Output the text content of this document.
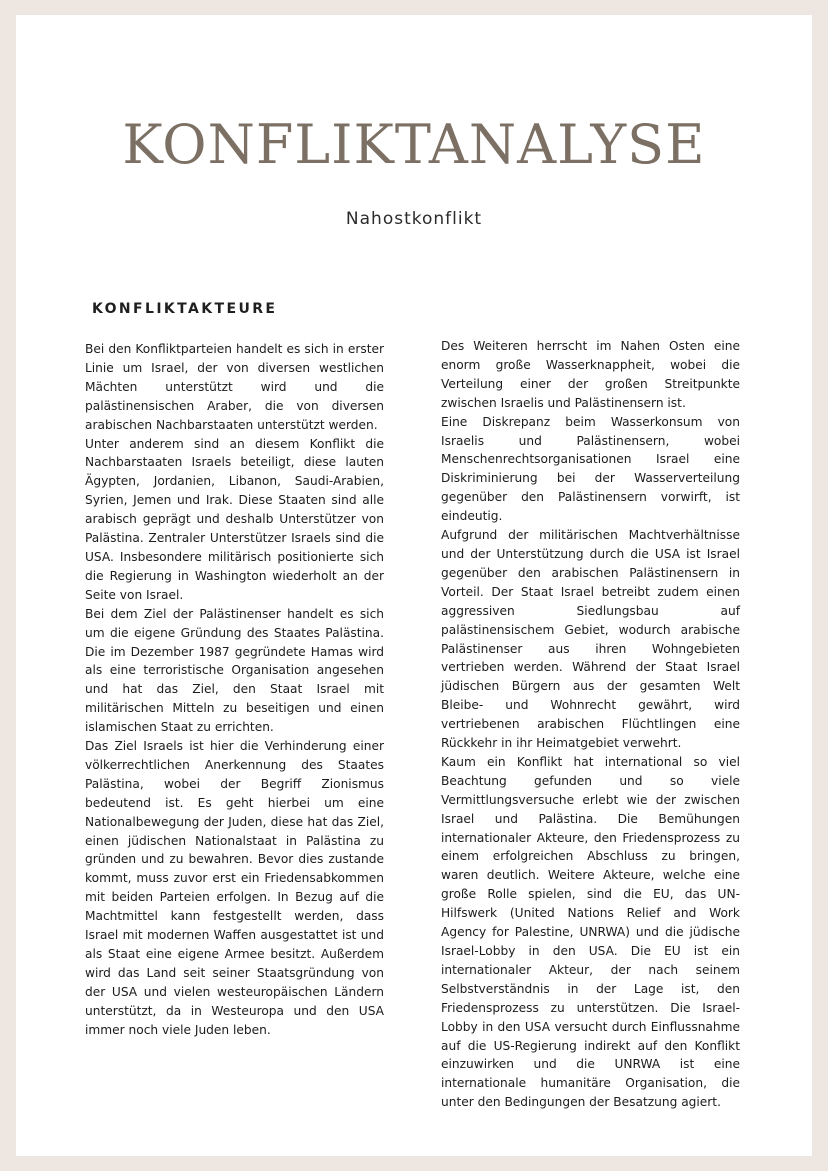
KONFLIKTANALYSE
Nahostkonflikt
KONFLIKTAKTEURE

Bei den Konfliktparteien handelt es sich in erster Linie um Israel, der von diversen westlichen Mächten unterstützt wird und die palästinensischen Araber, die von diversen arabischen Nachbarstaaten unterstützt werden.

Unter anderem sind an diesem Konflikt die Nachbarstaaten Israels beteiligt, diese lauten Ägypten, Jordanien, Libanon, Saudi-Arabien, Syrien, Jemen und Irak. Diese Staaten sind alle arabisch geprägt und deshalb Unterstützer von Palästina. Zentraler Unterstützer Israels sind die USA. Insbesondere militärisch positionierte sich die Regierung in Washington wiederholt an der Seite von Israel.

Bei dem Ziel der Palästinenser handelt es sich um die eigene Gründung des Staates Palästina. Die im Dezember 1987 gegründete Hamas wird als eine terroristische Organisation angesehen und hat das Ziel, den Staat Israel mit militärischen Mitteln zu beseitigen und einen islamischen Staat zu errichten.

Das Ziel Israels ist hier die Verhinderung einer völkerrechtlichen Anerkennung des Staates Palästina, wobei der Begriff Zionismus bedeutend ist. Es geht hierbei um eine Nationalbewegung der Juden, diese hat das Ziel, einen jüdischen Nationalstaat in Palästina zu gründen und zu bewahren. Bevor dies zustande kommt, muss zuvor erst ein Friedensabkommen mit beiden Parteien erfolgen. In Bezug auf die Machtmittel kann festgestellt werden, dass Israel mit modernen Waffen ausgestattet ist und als Staat eine eigene Armee besitzt. Außerdem wird das Land seit seiner Staatsgründung von der USA und vielen westeuropäischen Ländern unterstützt, da in Westeuropa und den USA immer noch viele Juden leben.

Des Weiteren herrscht im Nahen Osten eine enorm große Wasserknappheit, wobei die Verteilung einer der großen Streitpunkte zwischen Israelis und Palästinensern ist.

Eine Diskrepanz beim Wasserkonsum von Israelis und Palästinensern, wobei Menschenrechtsorganisationen Israel eine Diskriminierung bei der Wasserverteilung gegenüber den Palästinensern vorwirft, ist eindeutig.

Aufgrund der militärischen Machtverhältnisse und der Unterstützung durch die USA ist Israel gegenüber den arabischen Palästinensern in Vorteil. Der Staat Israel betreibt zudem einen aggressiven Siedlungsbau auf palästinensischem Gebiet, wodurch arabische Palästinenser aus ihren Wohngebieten vertrieben werden. Während der Staat Israel jüdischen Bürgern aus der gesamten Welt Bleibe- und Wohnrecht gewährt, wird vertriebenen arabischen Flüchtlingen eine Rückkehr in ihr Heimatgebiet verwehrt.

Kaum ein Konflikt hat international so viel Beachtung gefunden und so viele Vermittlungsversuche erlebt wie der zwischen Israel und Palästina. Die Bemühungen internationaler Akteure, den Friedensprozess zu einem erfolgreichen Abschluss zu bringen, waren deutlich. Weitere Akteure, welche eine große Rolle spielen, sind die EU, das UN-Hilfswerk (United Nations Relief and Work Agency for Palestine, UNRWA) und die jüdische Israel-Lobby in den USA. Die EU ist ein internationaler Akteur, der nach seinem Selbstverständnis in der Lage ist, den Friedensprozess zu unterstützen. Die Israel-Lobby in den USA versucht durch Einflussnahme auf die US-Regierung indirekt auf den Konflikt einzuwirken und die UNRWA ist eine internationale humanitäre Organisation, die unter den Bedingungen der Besatzung agiert.
